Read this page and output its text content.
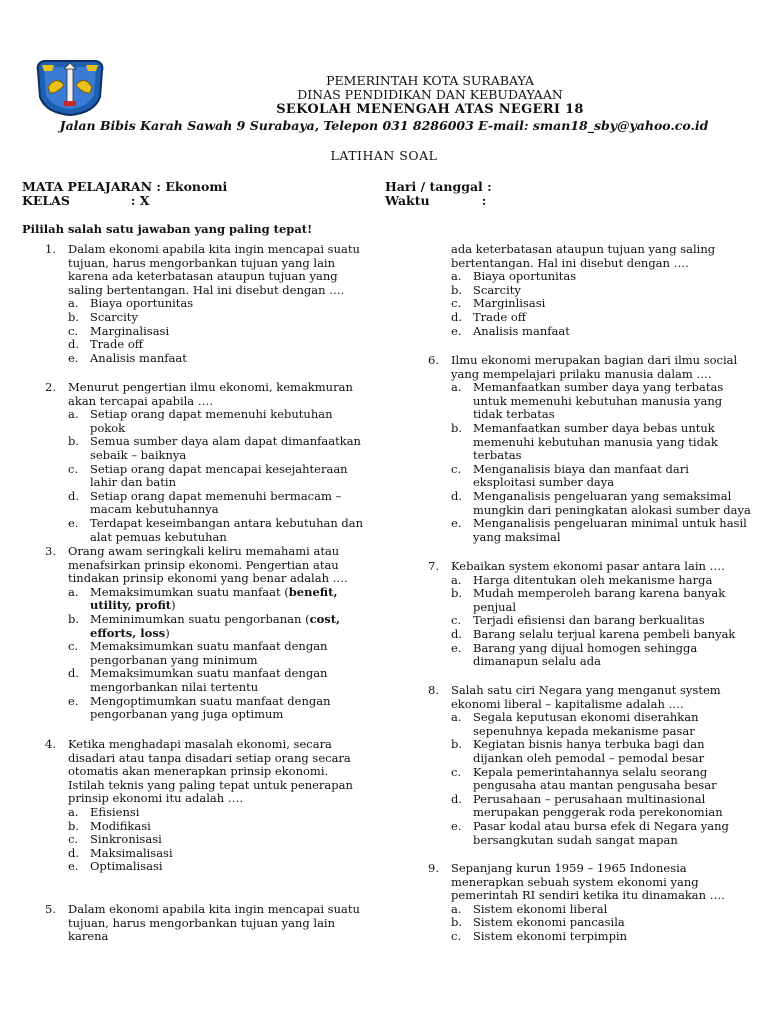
PEMERINTAH KOTA SURABAYA
DINAS PENDIDIKAN DAN KEBUDAYAAN
SEKOLAH MENENGAH ATAS NEGERI 18
Jalan Bibis Karah Sawah 9 Surabaya, Telepon 031 8286003 E-mail: sman18_sby@yahoo.co.id
LATIHAN SOAL
MATA PELAJARAN : Ekonomi
KELAS              : X
Hari / tanggal :
Waktu            :
Pililah salah satu jawaban yang paling tepat!
1.	Dalam ekonomi apabila kita ingin mencapai suatu tujuan, harus mengorbankan tujuan yang lain karena ada keterbatasan ataupun tujuan yang saling bertentangan. Hal ini disebut dengan ….
a. Biaya oportunitas
b. Scarcity
c.	Marginalisasi
d. Trade off
e.	Analisis manfaat
2.	Menurut pengertian ilmu ekonomi, kemakmuran akan tercapai apabila ….
a. Setiap orang dapat memenuhi kebutuhan pokok
b. Semua sumber daya alam dapat dimanfaatkan sebaik – baiknya
c.	Setiap orang dapat mencapai kesejahteraan lahir dan batin
d. Setiap orang dapat memenuhi bermacam – macam kebutuhannya
e.	Terdapat keseimbangan antara kebutuhan dan alat pemuas kebutuhan
3.	Orang awam seringkali keliru memahami atau menafsirkan prinsip ekonomi. Pengertian atau tindakan prinsip ekonomi yang benar adalah ….
a. Memaksimumkan suatu manfaat (benefit, utility, profit)
b. Meminimumkan suatu pengorbanan (cost, efforts, loss)
c.	Memaksimumkan suatu manfaat dengan pengorbanan yang minimum
d. Memaksimumkan suatu manfaat dengan mengorbankan nilai tertentu
e.	Mengoptimumkan suatu manfaat dengan pengorbanan yang juga optimum
4.	Ketika menghadapi masalah ekonomi, secara disadari atau tanpa disadari setiap orang secara otomatis akan menerapkan prinsip ekonomi. Istilah teknis yang paling tepat untuk penerapan prinsip ekonomi itu adalah ….
a. Efisiensi
b. Modifikasi
c.	Sinkronisasi
d. Maksimalisasi
e.	Optimalisasi
5.	Dalam ekonomi apabila kita ingin mencapai suatu tujuan, harus mengorbankan tujuan yang lain karena
ada keterbatasan ataupun tujuan yang saling bertentangan. Hal ini disebut dengan ….
a. Biaya oportunitas
b. Scarcity
c.	Marginlisasi
d. Trade off
e.	Analisis manfaat
6.	Ilmu ekonomi merupakan bagian dari ilmu social yang mempelajari prilaku manusia dalam ….
a. Memanfaatkan sumber daya yang terbatas untuk memenuhi kebutuhan manusia yang tidak terbatas
b. Memanfaatkan sumber daya bebas untuk memenuhi kebutuhan manusia yang tidak terbatas
c.	Menganalisis biaya dan manfaat dari eksploitasi sumber daya
d. Menganalisis pengeluaran yang semaksimal mungkin dari peningkatan alokasi sumber daya
e.	Menganalisis pengeluaran minimal untuk hasil yang maksimal
7.	Kebaikan system ekonomi pasar antara lain ….
a. Harga ditentukan oleh mekanisme harga
b. Mudah memperoleh barang karena banyak penjual
c.	Terjadi efisiensi dan barang berkualitas
d. Barang selalu terjual karena pembeli banyak
e.	Barang yang dijual homogen sehingga dimanapun selalu ada
8.	Salah satu ciri Negara yang menganut system ekonomi liberal – kapitalisme adalah ….
a. Segala keputusan ekonomi diserahkan sepenuhnya kepada mekanisme pasar
b. Kegiatan bisnis hanya terbuka bagi dan dijankan oleh pemodal – pemodal besar
c.	Kepala pemerintahannya selalu seorang pengusaha atau mantan pengusaha besar
d. Perusahaan – perusahaan multinasional merupakan penggerak roda perekonomian
e.	Pasar kodal atau bursa efek di Negara yang bersangkutan sudah sangat mapan
9.	Sepanjang kurun 1959 – 1965 Indonesia menerapkan sebuah system ekonomi yang pemerintah RI sendiri ketika itu dinamakan ….
a. Sistem ekonomi liberal
b. Sistem ekonomi pancasila
c.	Sistem ekonomi terpimpin
